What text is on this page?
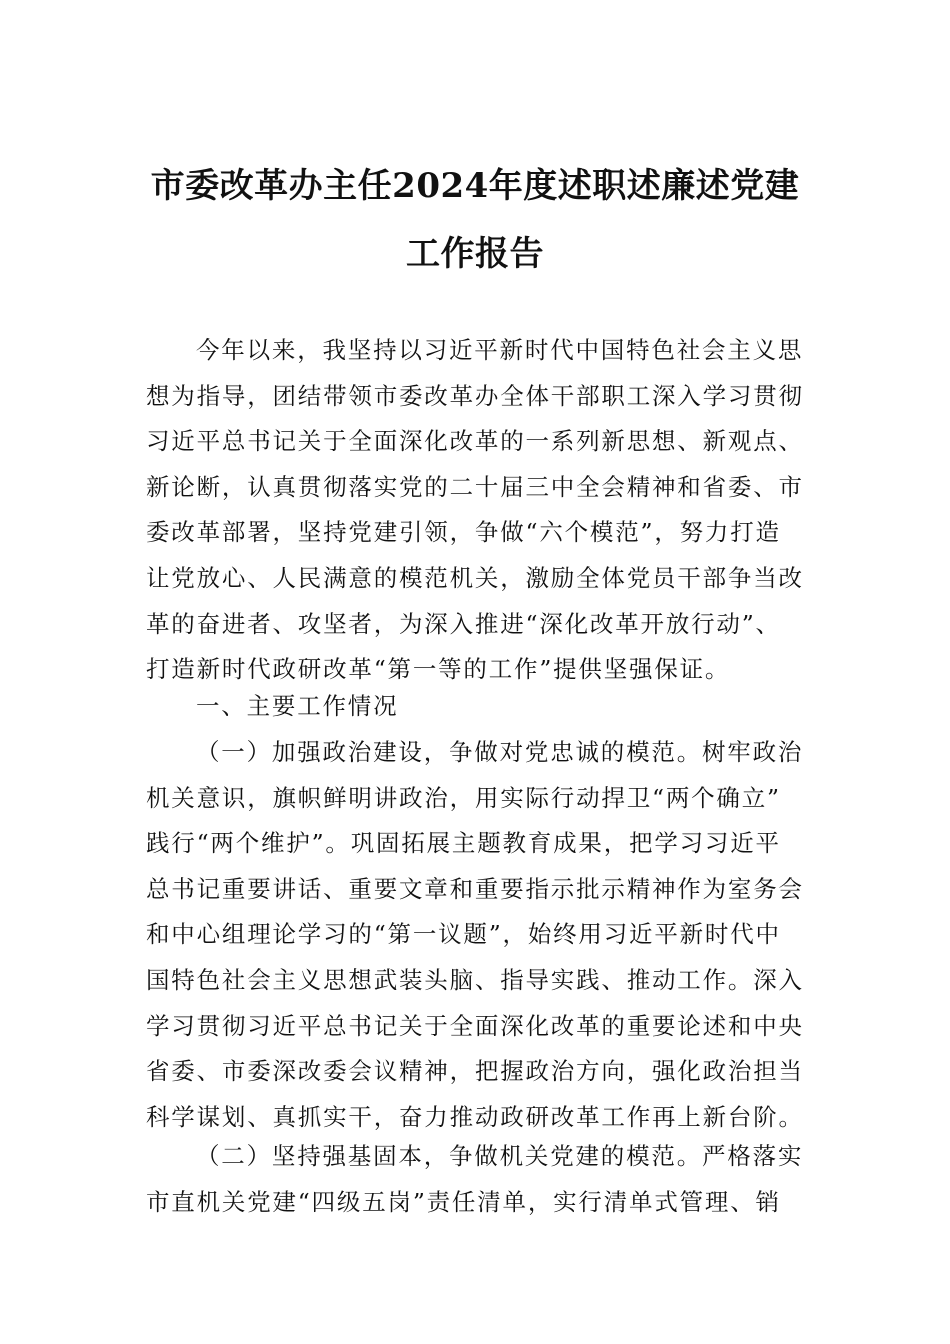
市委改革办主任2024年度述职述廉述党建
工作报告
今年以来，我坚持以习近平新时代中国特色社会主义思
想为指导，团结带领市委改革办全体干部职工深入学习贯彻
习近平总书记关于全面深化改革的一系列新思想、新观点、
新论断，认真贯彻落实党的二十届三中全会精神和省委、市
委改革部署，坚持党建引领，争做“六个模范”，努力打造
让党放心、人民满意的模范机关，激励全体党员干部争当改
革的奋进者、攻坚者，为深入推进“深化改革开放行动”、
打造新时代政研改革“第一等的工作”提供坚强保证。
一、主要工作情况
（一）加强政治建设，争做对党忠诚的模范。树牢政治
机关意识，旗帜鲜明讲政治，用实际行动捍卫“两个确立”
践行“两个维护”。巩固拓展主题教育成果，把学习习近平
总书记重要讲话、重要文章和重要指示批示精神作为室务会
和中心组理论学习的“第一议题”，始终用习近平新时代中
国特色社会主义思想武装头脑、指导实践、推动工作。深入
学习贯彻习近平总书记关于全面深化改革的重要论述和中央
省委、市委深改委会议精神，把握政治方向，强化政治担当
科学谋划、真抓实干，奋力推动政研改革工作再上新台阶。
（二）坚持强基固本，争做机关党建的模范。严格落实
市直机关党建“四级五岗”责任清单，实行清单式管理、销
